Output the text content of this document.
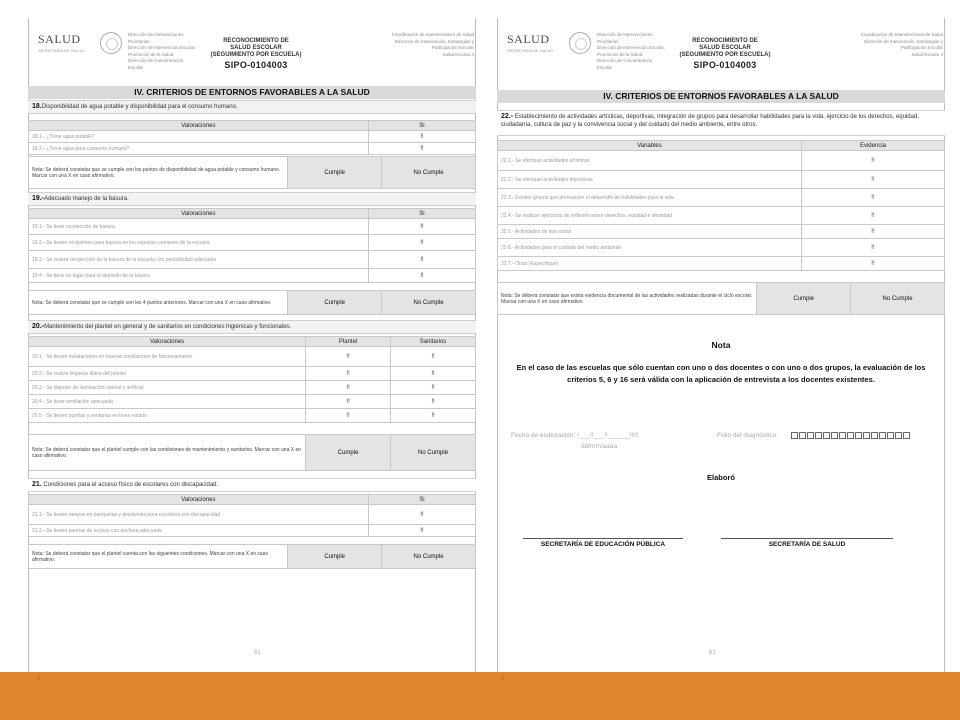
SALUD
SECRETARÍA DE SALUD
Dirección de Intervenciones
Prioritarias
Dirección de Intervención Escolar,
Promoción de la Salud
Dirección de Concentración
Escolar
RECONOCIMIENTO DE
SALUD ESCOLAR
(SEGUIMIENTO POR ESCUELA)
SIPO-0104003
Coordinación de Intervenciones de Salud
Dirección de Intervención, Estrategias y
Participación Escolar
Salud Escolar 4
IV. CRITERIOS DE ENTORNOS FAVORABLES A LA SALUD
18.Disponibilidad de agua potable y disponibilidad para el consumo humano.
Valoraciones	Si
18.1.- ¿Tiene agua potable?	!!
18.2.- ¿Tiene agua para consumo humano?	!!
Nota: Se deberá constatar que se cumple con los puntos de disponibilidad de agua potable y consumo humano. Marcar con una X en caso afirmativo.	Cumple	No Cumple
19.-Adecuado manejo de la basura.
Valoraciones	Si
19.1.- Se tiene recolección de basura	!!
19.2.- Se tienen recipientes para basura en los espacios comunes de la escuela	!!
19.3.- Se realiza recolección de la basura de la escuela con periodicidad adecuada	!!
19.4.- Se tiene un lugar para el depósito de la basura	!!
Nota: Se deberá constatar que se cumple con los 4 puntos anteriores. Marcar con una X en caso afirmativo.	Cumple	No Cumple
20.-Mantenimiento del plantel en general y de sanitarios en condiciones higiénicas y funcionales.
Valoraciones	Plantel	Sanitarios
20.1.- Se tienen instalaciones en buenas condiciones de funcionamiento	!!	!!
20.2.- Se realiza limpieza diaria del plantel	!!	!!
20.3.- Se dispone de iluminación natural y artificial	!!	!!
20.4.- Se tiene ventilación adecuada	!!	!!
20.5.- Se tienen puertas y ventanas en buen estado	!!	!!
Nota: Se deberá constatar que el plantel cumple con las condiciones de mantenimiento y sanitarios. Marcar con una X en caso afirmativo.	Cumple	No Cumple
21. Condiciones para el acceso físico de escolares con discapacidad.
Valoraciones	Si
21.1.- Se tienen rampas en banquetas y desniveles para escolares con discapacidad	!!
21.2.- Se tienen puertas de acceso con anchura adecuada	!!
Nota: Se deberá constatar que el plantel cuenta con las siguientes condiciones. Marcar con una X en caso afirmativo.	Cumple	No Cumple
51
SALUD
SECRETARÍA DE SALUD
Dirección de Intervenciones
Prioritarias
Dirección de Intervención Escolar,
Promoción de la Salud
Dirección de Concentración
Escolar
RECONOCIMIENTO DE
SALUD ESCOLAR
(SEGUIMIENTO POR ESCUELA)
SIPO-0104003
Coordinación de Intervenciones de Salud
Dirección de Intervención, Estrategias y
Participación Escolar
Salud Escolar 4
IV. CRITERIOS DE ENTORNOS FAVORABLES A LA SALUD
22.- Establecimiento de actividades artísticas, deportivas, integración de grupos para desarrollar habilidades para la vida, ejercicio de los derechos, equidad, ciudadanía, cultura de paz y la convivencia social y del cuidado del medio ambiente, entre otros.
Variables	Evidencia
22.1.- Se efectúan actividades artísticas	!!
22.2.- Se efectúan actividades deportivas	!!
22.3.- Existen grupos que promueven el desarrollo de habilidades para la vida	!!
22.4.- Se realizan ejercicios de reflexión sobre derechos, equidad e identidad	!!
22.5.- Actividades de tipo social	!!
22.6.- Actividades para el cuidado del medio ambiente	!!
22.7.- Otras (Especifique)	!!
Nota: Se deberá constatar que exista evidencia documental de las actividades realizadas durante el ciclo escolar. Marcar con una X en caso afirmativo.	Cumple	No Cumple
Nota
En el caso de las escuelas que sólo cuentan con uno o dos docentes o con uno o dos grupos, la evaluación de los criterios 5, 6 y 16 será válida con la aplicación de entrevista a los docentes existentes.
Fecha de elaboración: !___/!___/!______!!!!!
dd/mm/aaaa
Folio del diagnóstico:
Elaboró
SECRETARÍA DE EDUCACIÓN PÚBLICA	SECRETARÍA DE SALUD
61
!	!
